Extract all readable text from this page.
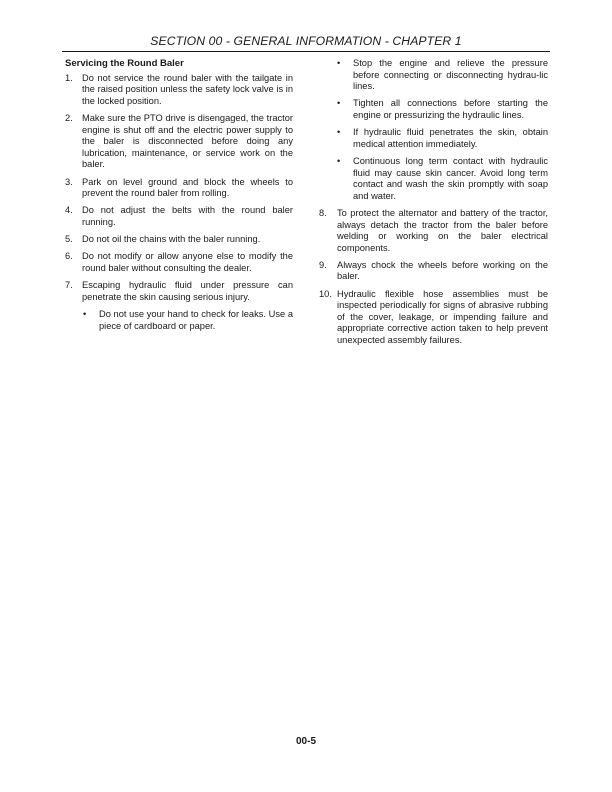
SECTION 00 - GENERAL INFORMATION - CHAPTER 1
Servicing the Round Baler
1. Do not service the round baler with the tailgate in the raised position unless the safety lock valve is in the locked position.
2. Make sure the PTO drive is disengaged, the tractor engine is shut off and the electric power supply to the baler is disconnected before doing any lubrication, maintenance, or service work on the baler.
3. Park on level ground and block the wheels to prevent the round baler from rolling.
4. Do not adjust the belts with the round baler running.
5. Do not oil the chains with the baler running.
6. Do not modify or allow anyone else to modify the round baler without consulting the dealer.
7. Escaping hydraulic fluid under pressure can penetrate the skin causing serious injury.
•	Do not use your hand to check for leaks. Use a piece of cardboard or paper.
•	Stop the engine and relieve the pressure before connecting or disconnecting hydrau-lic lines.
•	Tighten all connections before starting the engine or pressurizing the hydraulic lines.
•	If hydraulic fluid penetrates the skin, obtain medical attention immediately.
•	Continuous long term contact with hydraulic fluid may cause skin cancer. Avoid long term contact and wash the skin promptly with soap and water.
8.	To protect the alternator and battery of the tractor, always detach the tractor from the baler before welding or working on the baler electrical components.
9.	Always chock the wheels before working on the baler.
10. Hydraulic flexible hose assemblies must be inspected periodically for signs of abrasive rubbing of the cover, leakage, or impending failure and appropriate corrective action taken to help prevent unexpected assembly failures.
00-5
